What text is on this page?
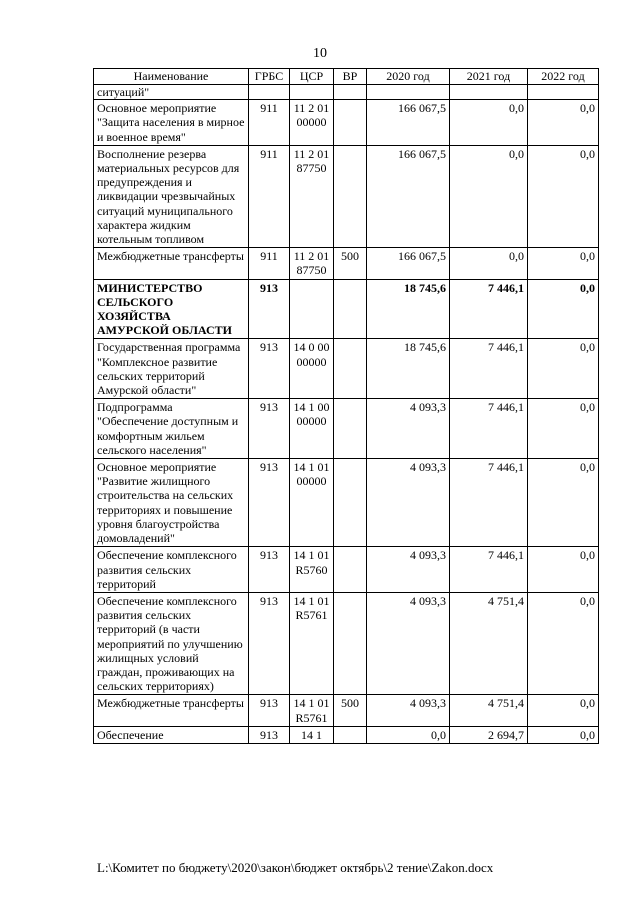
10
Наименование	ГРБС	ЦСР	ВР	2020 год	2021 год	2022 год
ситуаций"						
Основное мероприятие "Защита населения в мирное и военное время"	911	11 2 01 00000		166 067,5	0,0	0,0
Восполнение резерва материальных ресурсов для предупреждения и ликвидации чрезвычайных ситуаций муниципального характера жидким котельным топливом	911	11 2 01 87750		166 067,5	0,0	0,0
Межбюджетные трансферты	911	11 2 01 87750	500	166 067,5	0,0	0,0
МИНИСТЕРСТВО СЕЛЬСКОГО ХОЗЯЙСТВА АМУРСКОЙ ОБЛАСТИ	913			18 745,6	7 446,1	0,0
Государственная программа "Комплексное развитие сельских территорий Амурской области"	913	14 0 00 00000		18 745,6	7 446,1	0,0
Подпрограмма "Обеспечение доступным и комфортным жильем сельского населения"	913	14 1 00 00000		4 093,3	7 446,1	0,0
Основное мероприятие "Развитие жилищного строительства на сельских территориях и повышение уровня благоустройства домовладений"	913	14 1 01 00000		4 093,3	7 446,1	0,0
Обеспечение комплексного развития сельских территорий	913	14 1 01 R5760		4 093,3	7 446,1	0,0
Обеспечение комплексного развития сельских территорий (в части мероприятий по улучшению жилищных условий граждан, проживающих на сельских территориях)	913	14 1 01 R5761		4 093,3	4 751,4	0,0
Межбюджетные трансферты	913	14 1 01 R5761	500	4 093,3	4 751,4	0,0
Обеспечение	913	14 1		0,0	2 694,7	0,0
L:\Комитет по бюджету\2020\закон\бюджет октябрь\2 тение\Zakon.docx
